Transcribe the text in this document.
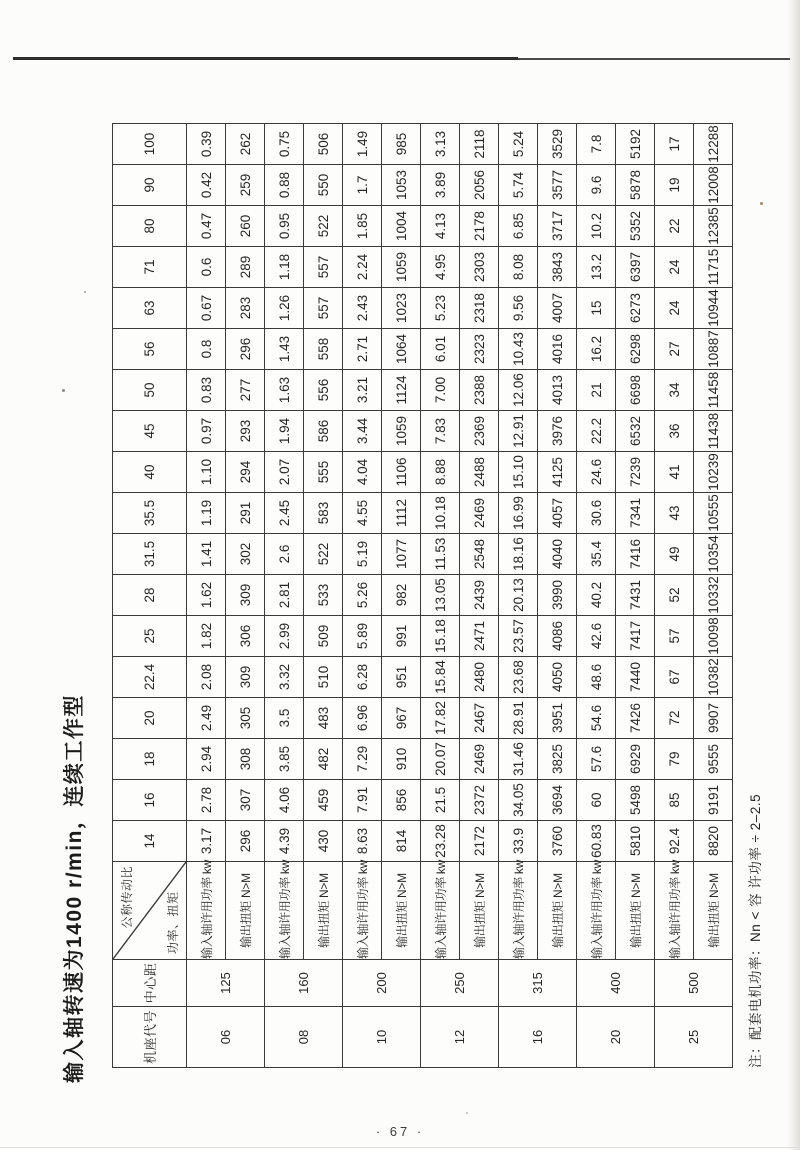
输入轴转速为1400 r/min，连续工作型	机座代号	中心距	公称传动比 功率、扭矩	14	16	18	20	22.4	25	28	31.5	35.5	40	45	50	56	63	71	80	90	100
06	125	输入轴许用功率 kw	3.17	2.78	2.94	2.49	2.08	1.82	1.62	1.41	1.19	1.10	0.97	0.83	0.8	0.67	0.6	0.47	0.42	0.39
		输出扭矩 N>M	296	307	308	305	309	306	309	302	291	294	293	277	296	283	289	260	259	262
08	160	输入轴许用功率 kw	4.39	4.06	3.85	3.5	3.32	2.99	2.81	2.6	2.45	2.07	1.94	1.63	1.43	1.26	1.18	0.95	0.88	0.75
		输出扭矩 N>M	430	459	482	483	510	509	533	522	583	555	586	556	558	557	557	522	550	506
10	200	输入轴许用功率 kw	8.63	7.91	7.29	6.96	6.28	5.89	5.26	5.19	4.55	4.04	3.44	3.21	2.71	2.43	2.24	1.85	1.7	1.49
		输出扭矩 N>M	814	856	910	967	951	991	982	1077	1112	1106	1059	1124	1064	1023	1059	1004	1053	985
12	250	输入轴许用功率 kw	23.28	21.5	20.07	17.82	15.84	15.18	13.05	11.53	10.18	8.88	7.83	7.00	6.01	5.23	4.95	4.13	3.89	3.13
		输出扭矩 N>M	2172	2372	2469	2467	2480	2471	2439	2548	2469	2488	2369	2388	2323	2318	2303	2178	2056	2118
16	315	输入轴许用功率 kw	33.9	34.05	31.46	28.91	23.68	23.57	20.13	18.16	16.99	15.10	12.91	12.06	10.43	9.56	8.08	6.85	5.74	5.24
		输出扭矩 N>M	3760	3694	3825	3951	4050	4086	3990	4040	4057	4125	3976	4013	4016	4007	3843	3717	3577	3529
20	400	输入轴许用功率 kw	60.83	60	57.6	54.6	48.6	42.6	40.2	35.4	30.6	24.6	22.2	21	16.2	15	13.2	10.2	9.6	7.8
		输出扭矩 N>M	5810	5498	6929	7426	7440	7417	7431	7416	7341	7239	6532	6698	6298	6273	6397	5352	5878	5192
25	500	输入轴许用功率 kw	92.4	85	79	72	67	57	52	49	43	41	36	34	27	24	24	22	19	17
		输出扭矩 N>M	8820	9191	9555	9907	10382	10098	10332	10354	10555	10239	11438	11458	10887	10944	11715	12385	12008	12288
注：配套电机功率：Nn < 容 许功率 ÷ 2–2.5
· 67 ·
